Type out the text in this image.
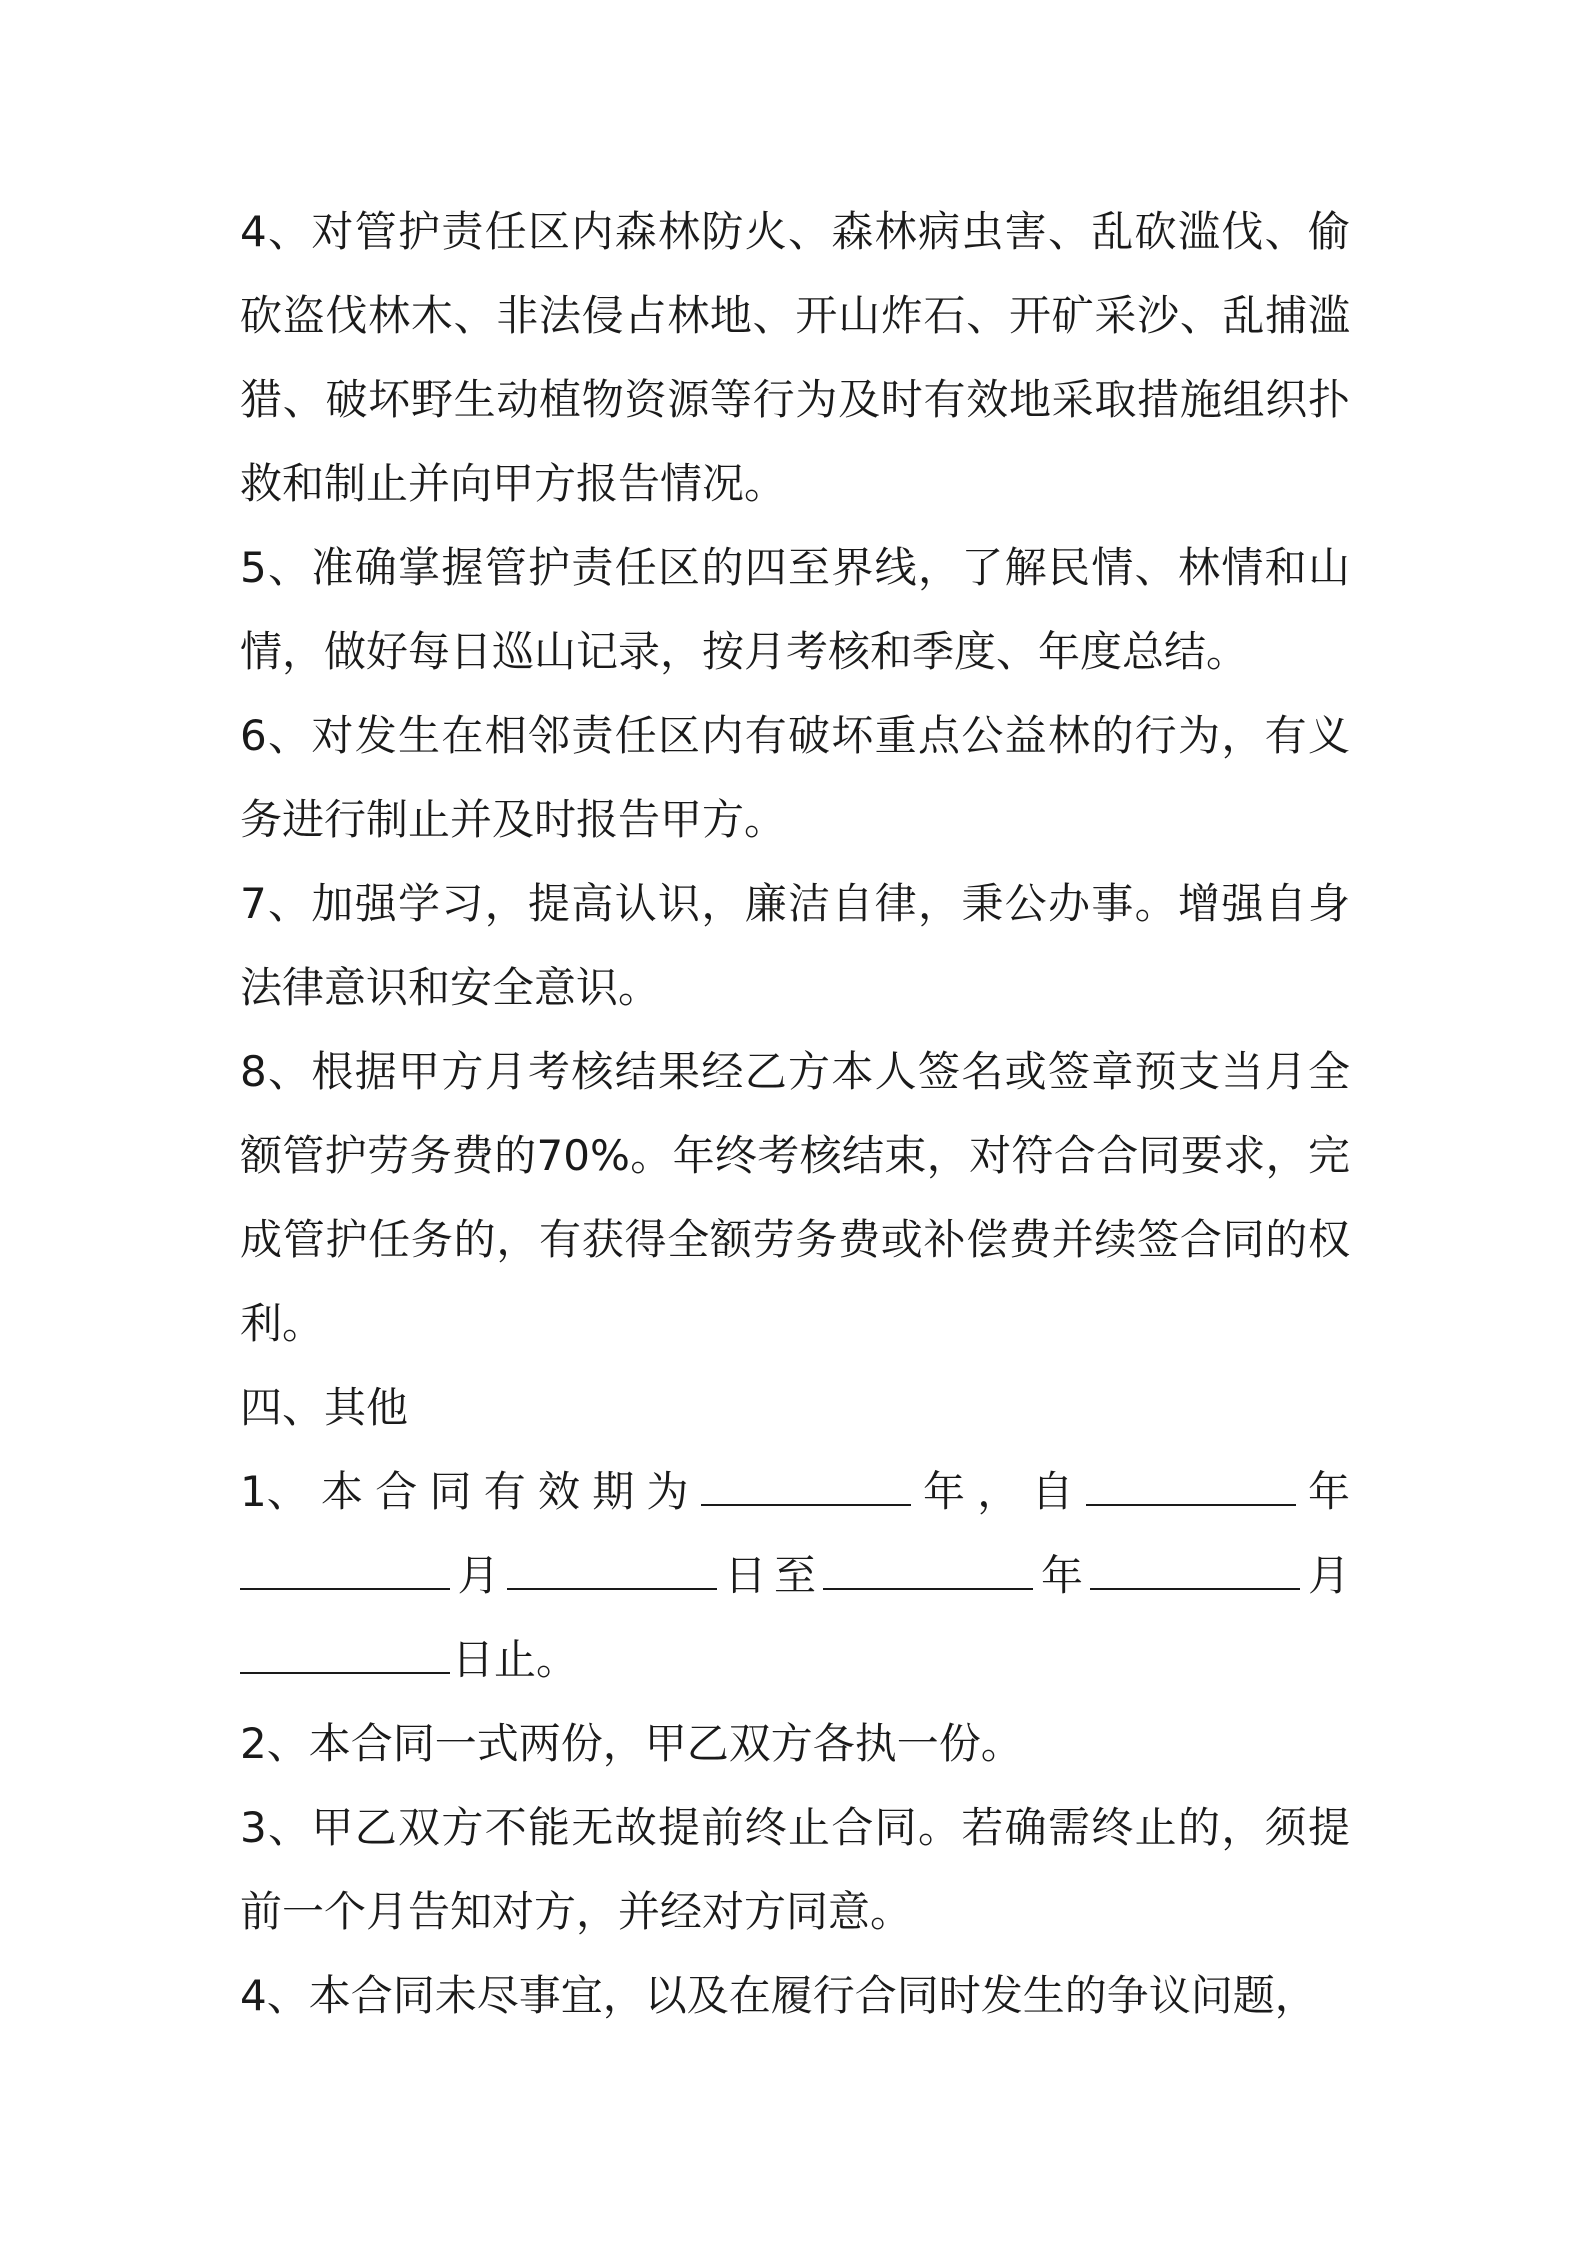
4、对管护责任区内森林防火、森林病虫害、乱砍滥伐、偷砍盗伐林木、非法侵占林地、开山炸石、开矿采沙、乱捕滥猎、破坏野生动植物资源等行为及时有效地采取措施组织扑救和制止并向甲方报告情况。

5、准确掌握管护责任区的四至界线，了解民情、林情和山情，做好每日巡山记录，按月考核和季度、年度总结。

6、对发生在相邻责任区内有破坏重点公益林的行为，有义务进行制止并及时报告甲方。

7、加强学习，提高认识，廉洁自律，秉公办事。增强自身法律意识和安全意识。

8、根据甲方月考核结果经乙方本人签名或签章预支当月全额管护劳务费的70%。年终考核结束，对符合合同要求，完成管护任务的，有获得全额劳务费或补偿费并续签合同的权利。

四、其他

1、 本 合 同 有 效 期 为	年 ， 自	年
月	日 至	年	月
日止。

2、本合同一式两份，甲乙双方各执一份。

3、甲乙双方不能无故提前终止合同。若确需终止的，须提前一个月告知对方，并经对方同意。

4、本合同未尽事宜，以及在履行合同时发生的争议问题，
